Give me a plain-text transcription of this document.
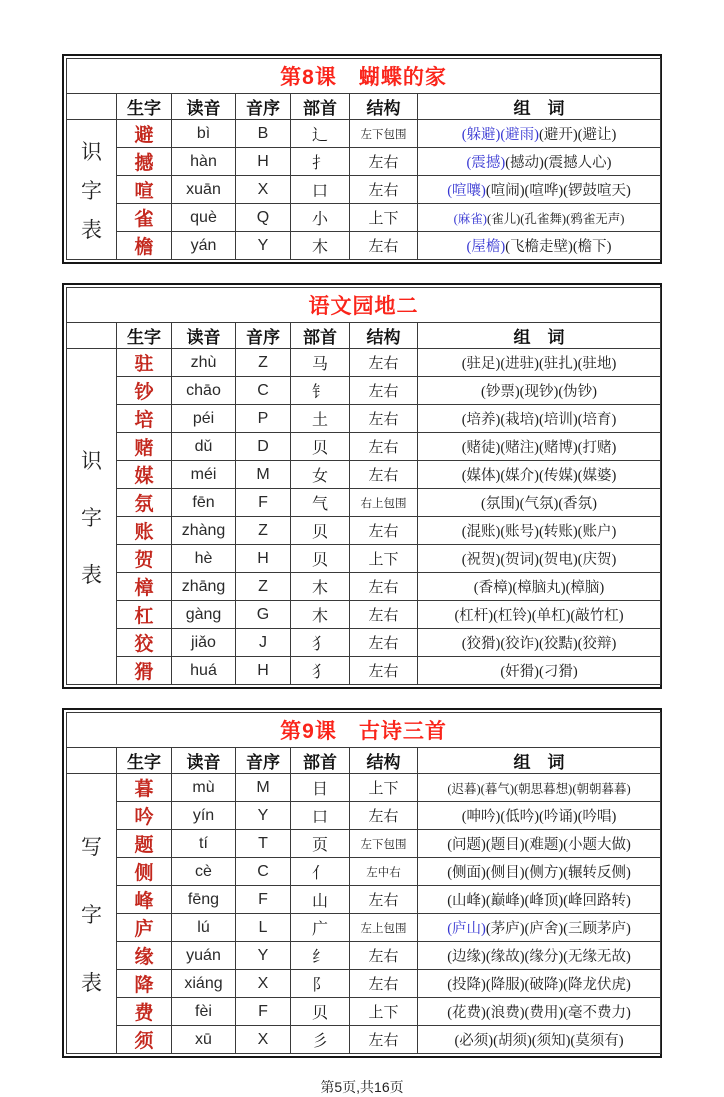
第8课　蝴蝶的家						
	生字	读音	音序	部首	结构	组　词

识
字
表	避	bì	B	辶	左下包围	(躲避)(避雨)(避开)(避让)
	撼	hàn	H	扌	左右	(震撼)(撼动)(震撼人心)
	喧	xuān	X	口	左右	(喧嚷)(喧闹)(喧哗)(锣鼓喧天)
	雀	què	Q	小	上下	(麻雀)(雀儿)(孔雀舞)(鸦雀无声)
	檐	yán	Y	木	左右	(屋檐)(飞檐走壁)(檐下)
语文园地二						
	生字	读音	音序	部首	结构	组　词

识
字
表	驻	zhù	Z	马	左右	(驻足)(进驻)(驻扎)(驻地)
	钞	chāo	C	钅	左右	(钞票)(现钞)(伪钞)
	培	péi	P	土	左右	(培养)(栽培)(培训)(培育)
	赌	dǔ	D	贝	左右	(赌徒)(赌注)(赌博)(打赌)
	媒	méi	M	女	左右	(媒体)(媒介)(传媒)(媒婆)
	氛	fēn	F	气	右上包围	(氛围)(气氛)(香氛)
	账	zhàng	Z	贝	左右	(混账)(账号)(转账)(账户)
	贺	hè	H	贝	上下	(祝贺)(贺词)(贺电)(庆贺)
	樟	zhāng	Z	木	左右	(香樟)(樟脑丸)(樟脑)
	杠	gàng	G	木	左右	(杠杆)(杠铃)(单杠)(敲竹杠)
	狡	jiǎo	J	犭	左右	(狡猾)(狡诈)(狡黠)(狡辩)
	猾	huá	H	犭	左右	(奸猾)(刁猾)
第9课　古诗三首						
	生字	读音	音序	部首	结构	组　词

写
字
表	暮	mù	M	日	上下	(迟暮)(暮气)(朝思暮想)(朝朝暮暮)
	吟	yín	Y	口	左右	(呻吟)(低吟)(吟诵)(吟唱)
	题	tí	T	页	左下包围	(问题)(题目)(难题)(小题大做)
	侧	cè	C	亻	左中右	(侧面)(侧目)(侧方)(辗转反侧)
	峰	fēng	F	山	左右	(山峰)(巅峰)(峰顶)(峰回路转)
	庐	lú	L	广	左上包围	(庐山)(茅庐)(庐舍)(三顾茅庐)
	缘	yuán	Y	纟	左右	(边缘)(缘故)(缘分)(无缘无故)
	降	xiáng	X	阝	左右	(投降)(降服)(破降)(降龙伏虎)
	费	fèi	F	贝	上下	(花费)(浪费)(费用)(毫不费力)
	须	xū	X	彡	左右	(必须)(胡须)(须知)(莫须有)
第5页,共16页
